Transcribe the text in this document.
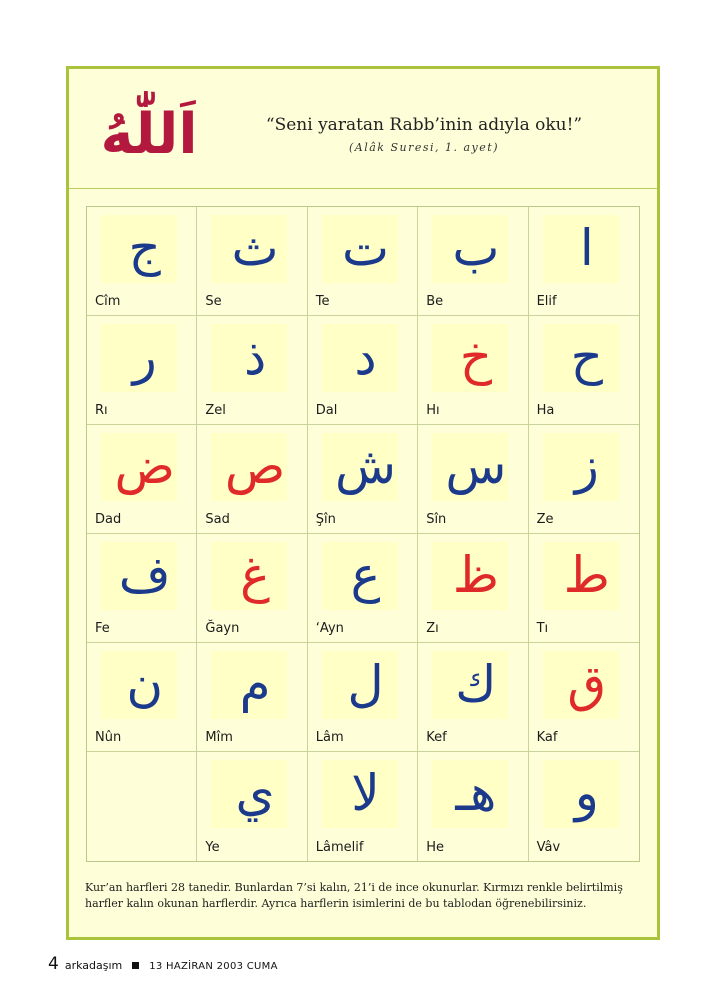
اَللّٰهُ	“Seni yaratan Rabb’inin adıyla oku!”
(Alâk Suresi, 1. ayet)
ج
Cîm
ث
Se
ت
Te
ب
Be
ا
Elif
ر
Rı
ذ
Zel
د
Dal
خ
Hı
ح
Ha
ض
Dad
ص
Sad
ش
Şîn
س
Sîn
ز
Ze
ف
Fe
غ
Ğayn
ع
‘Ayn
ظ
Zı
ط
Tı
ن
Nûn
م
Mîm
ل
Lâm
ك
Kef
ق
Kaf
ي
Ye
لا
Lâmelif
هـ
He
و
Vâv
Kur’an harfleri 28 tanedir. Bunlardan 7’si kalın, 21’i de ince okunurlar. Kırmızı renkle belirtilmiş harfler kalın okunan harflerdir. Ayrıca harflerin isimlerini de bu tablodan öğrenebilirsiniz.
4 arkadaşım	13 HAZİRAN 2003 CUMA
